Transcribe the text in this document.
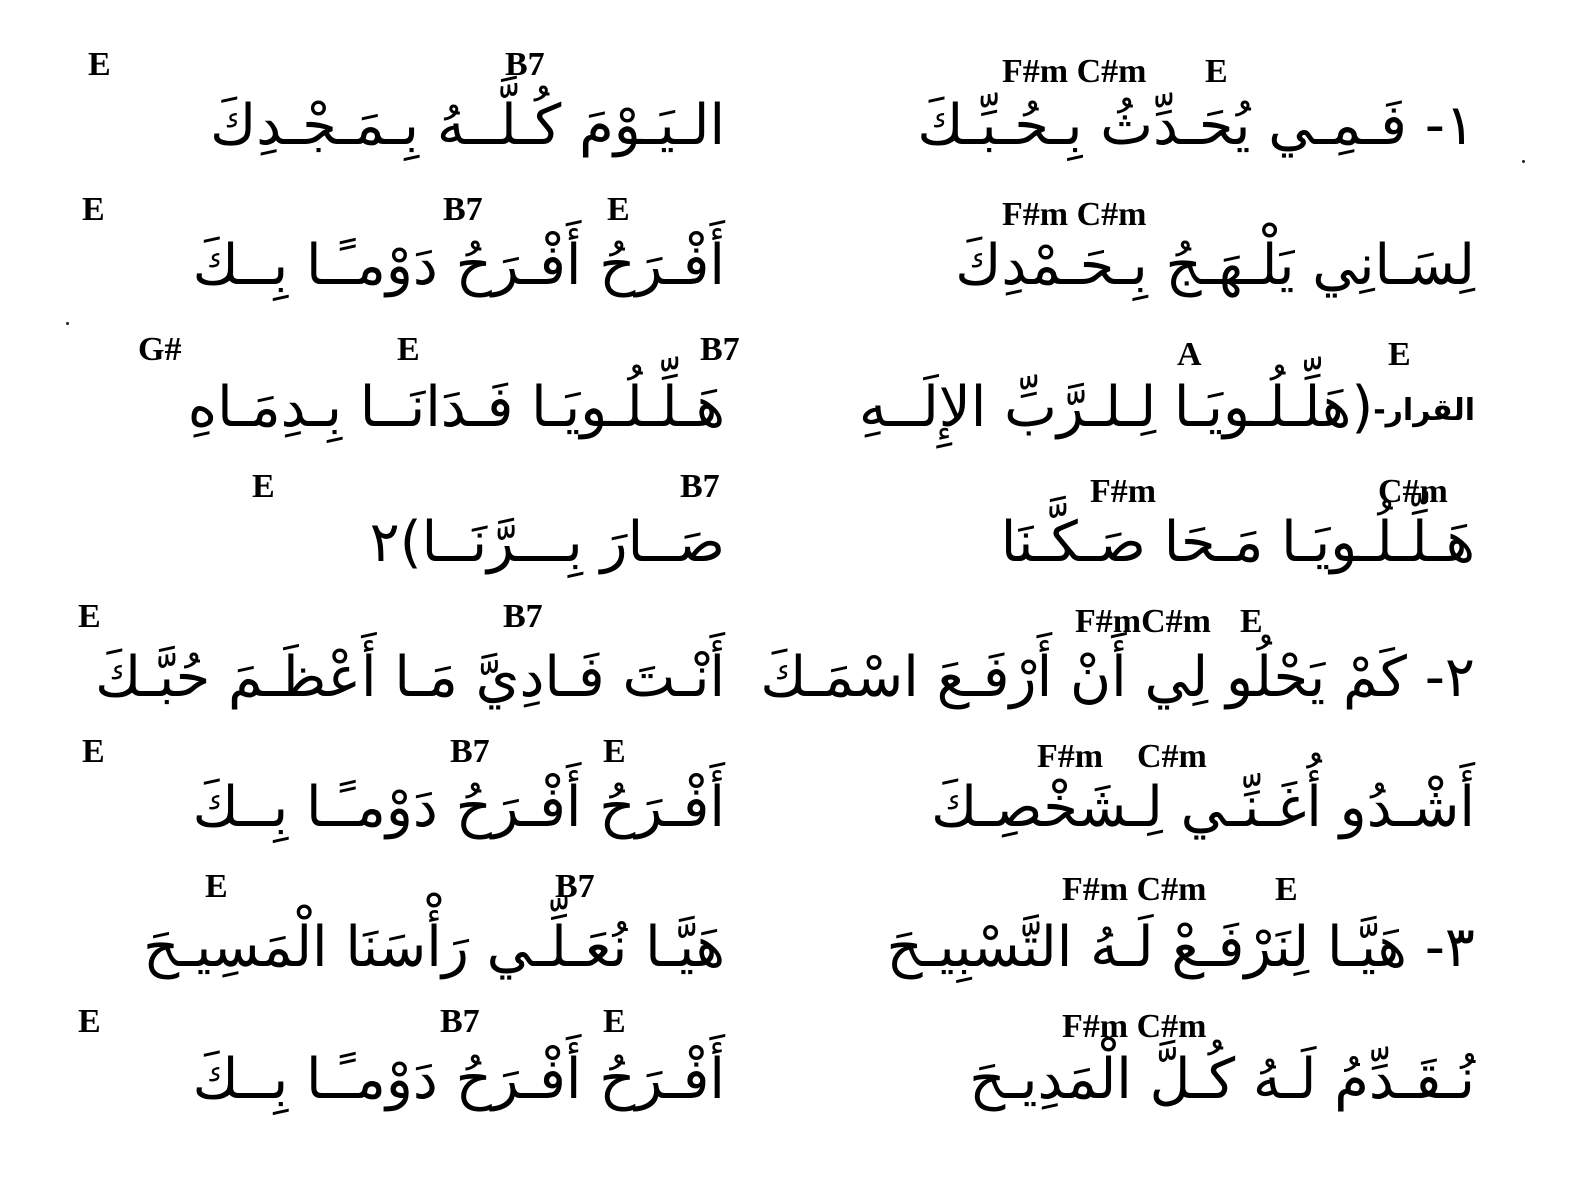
E	B7	F#m C#m E
الـيَـوْمَ كُـلَّــهُ بِـمَـجْـدِكَ	١- فَـمِـي يُحَـدِّثُ بِـحُـبِّـكَ
E	B7	E	F#m C#m
أَفْـرَحُ أَفْـرَحُ دَوْمـًـا بِــكَ	لِسَـانِي يَلْـهَـجُ بِـحَـمْدِكَ
G#	E	B7	A	E
هَـلِّـلُـويَـا فَـدَانَــا بِـدِمَـاهِ	القرار-(هَلِّـلُـويَـا لِـلـرَّبِّ الإِلَــهِ
E	B7	F#m	C#m
صَــارَ بِـــرَّنَــا)٢	هَـلِّـلُـويَـا مَـحَا صَـكَّـنَا
E	B7	F#mC#m E
أَنْـتَ فَـادِيَّ مَـا أَعْظَـمَ حُبَّـكَ ٢- كَمْ يَحْلُو لِي أَنْ أَرْفَـعَ اسْمَـكَ
E	B7	E	F#m C#m
أَفْـرَحُ أَفْـرَحُ دَوْمـًـا بِــكَ	أَشْـدُو أُغَـنِّـي لِـشَخْصِـكَ
E	B7	F#m C#m E
هَيَّـا نُعَـلِّـي رَأْسَنَا الْمَسِيـحَ	٣- هَيَّـا لِنَرْفَـعْ لَـهُ التَّسْبِيـحَ
E	B7	E	F#m C#m
أَفْـرَحُ أَفْـرَحُ دَوْمـًـا بِــكَ	نُـقَـدِّمُ لَـهُ كُـلَّ الْمَدِيـحَ
